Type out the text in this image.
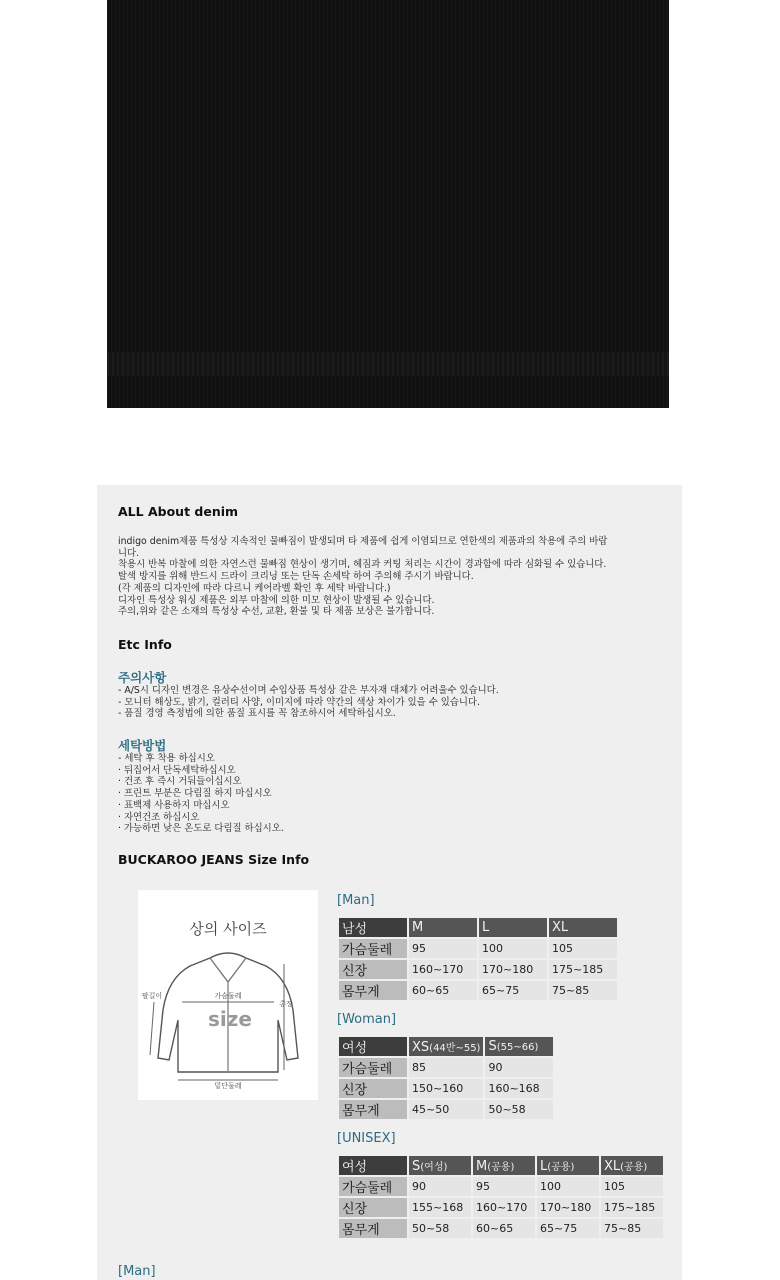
ALL About denim
indigo denim제품 특성상 지속적인 물빠짐이 발생되며 타 제품에 쉽게 이염되므로 연한색의 제품과의 착용에 주의 바랍
니다.
착용시 반복 마찰에 의한 자연스런 물빠짐 현상이 생기며, 헤짐과 커팅 처리는 시간이 경과함에 따라 심화될 수 있습니다.
탈색 방지를 위해 반드시 드라이 크리닝 또는 단독 손세탁 하여 주의해 주시기 바랍니다.
(각 제품의 디자인에 따라 다르니 케어라벨 확인 후 세탁 바랍니다.)
디자인 특성상 워싱 제품은 외부 마찰에 의한 미모 현상이 발생될 수 있습니다.
주의,위와 같은 소재의 특성상 수선, 교환, 환불 및 타 제품 보상은 불가합니다.
Etc Info
주의사항
- A/S시 디자인 변경은 유상수선이며 수입상품 특성상 같은 부자재 대체가 어려울수 있습니다.
- 모니터 해상도, 밝기, 컬러티 사양, 이미지에 따라 약간의 색상 차이가 있을 수 있습니다.
- 품질 경영 측정법에 의한 품질 표시를 꼭 참조하시어 세탁하십시오.
세탁방법
- 세탁 후 착용 하십시오
· 뒤집어서 단독세탁하십시오
· 건조 후 즉시 거둬들이십시오
· 프린트 부분은 다림질 하지 마십시오
· 표백제 사용하지 마십시오
· 자연건조 하십시오
· 가능하면 낮은 온도로 다림질 하십시오.
BUCKAROO JEANS Size Info
상의 사이즈
가슴둘레
팔길이
총장
밑단둘레
size
[Man]
남성	M	L	XL
가슴둘레	95	100	105
신장	160~170	170~180	175~185
몸무게	60~65	65~75	75~85
[Woman]
여성	XS(44반~55)	S(55~66)
가슴둘레	85	90
신장	150~160	160~168
몸무게	45~50	50~58
[UNISEX]
여성	S(여성)	M(공용)	L(공용)	XL(공용)
가슴둘레	90	95	100	105
신장	155~168	160~170	170~180	175~185
몸무게	50~58	60~65	65~75	75~85
[Man]
